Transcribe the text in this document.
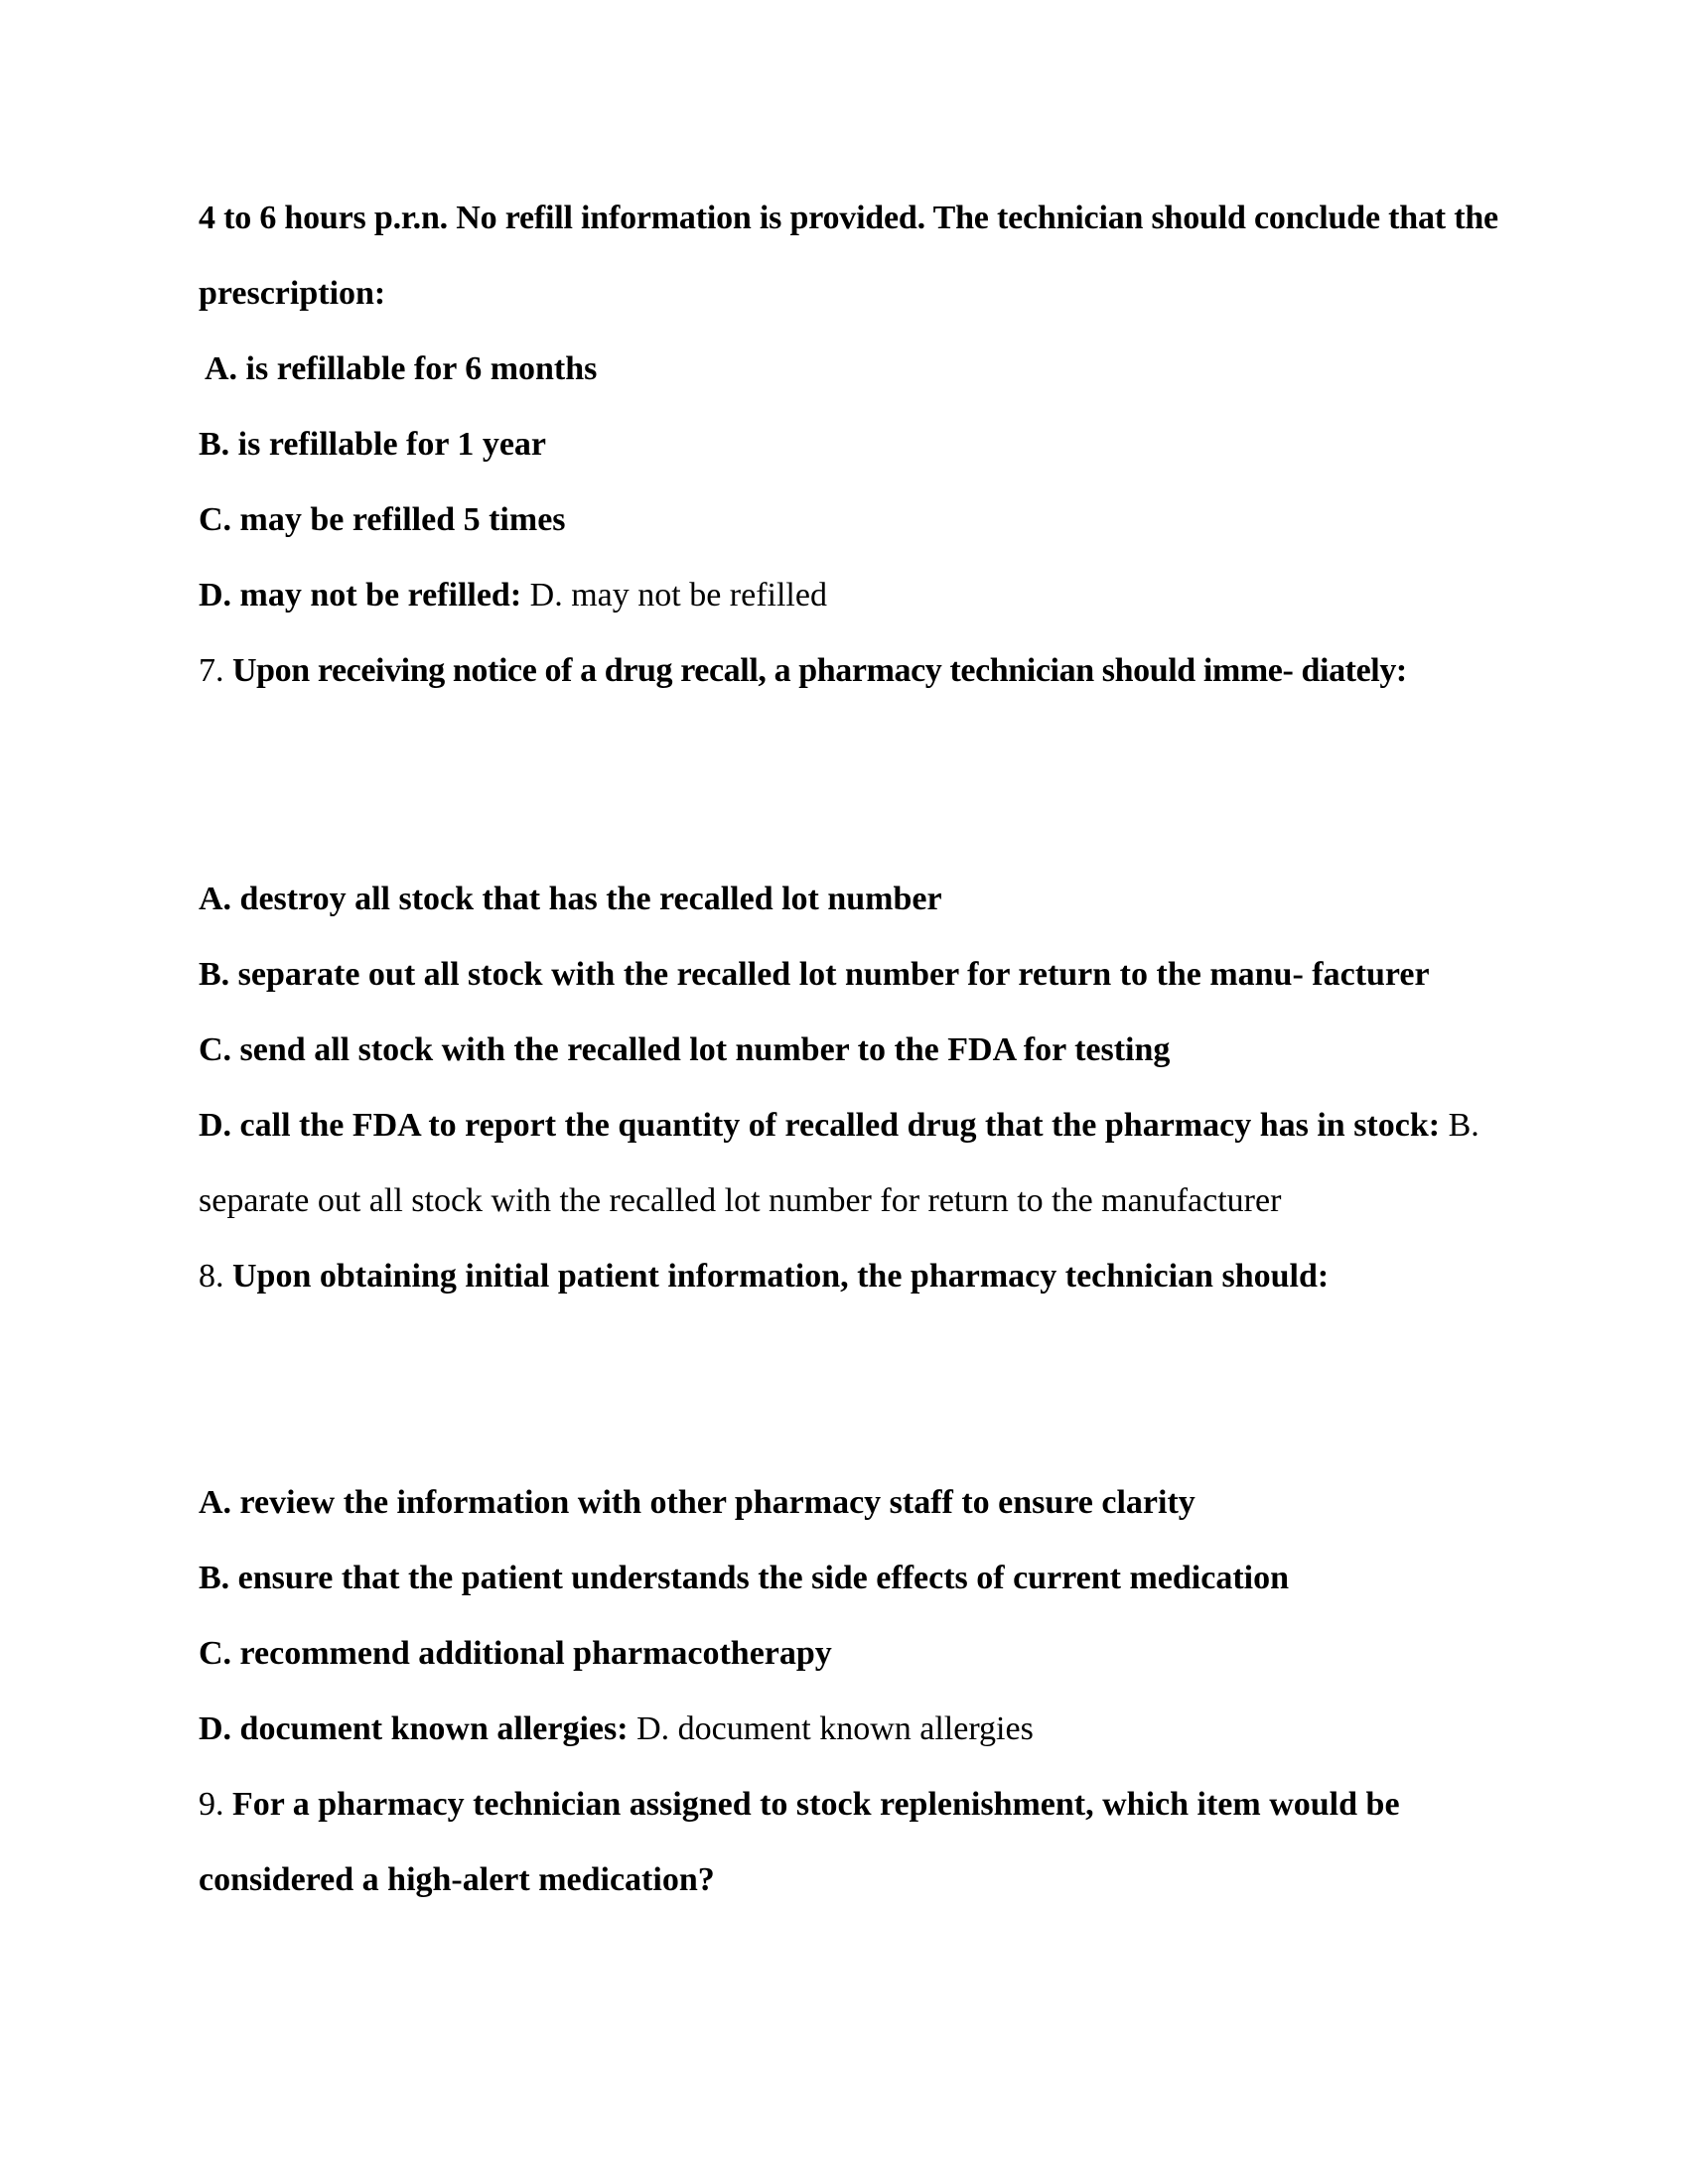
4 to 6 hours p.r.n. No refill information is provided. The technician should conclude that the
prescription:
A. is refillable for 6 months
B. is refillable for 1 year
C. may be refilled 5 times
D. may not be refilled: D. may not be refilled
7. Upon receiving notice of a drug recall, a pharmacy technician should imme- diately:
A. destroy all stock that has the recalled lot number
B. separate out all stock with the recalled lot number for return to the manu- facturer
C. send all stock with the recalled lot number to the FDA for testing
D. call the FDA to report the quantity of recalled drug that the pharmacy has in stock: B.
separate out all stock with the recalled lot number for return to the manufacturer
8. Upon obtaining initial patient information, the pharmacy technician should:
A. review the information with other pharmacy staff to ensure clarity
B. ensure that the patient understands the side effects of current medication
C. recommend additional pharmacotherapy
D. document known allergies: D. document known allergies
9. For a pharmacy technician assigned to stock replenishment, which item would be
considered a high-alert medication?
